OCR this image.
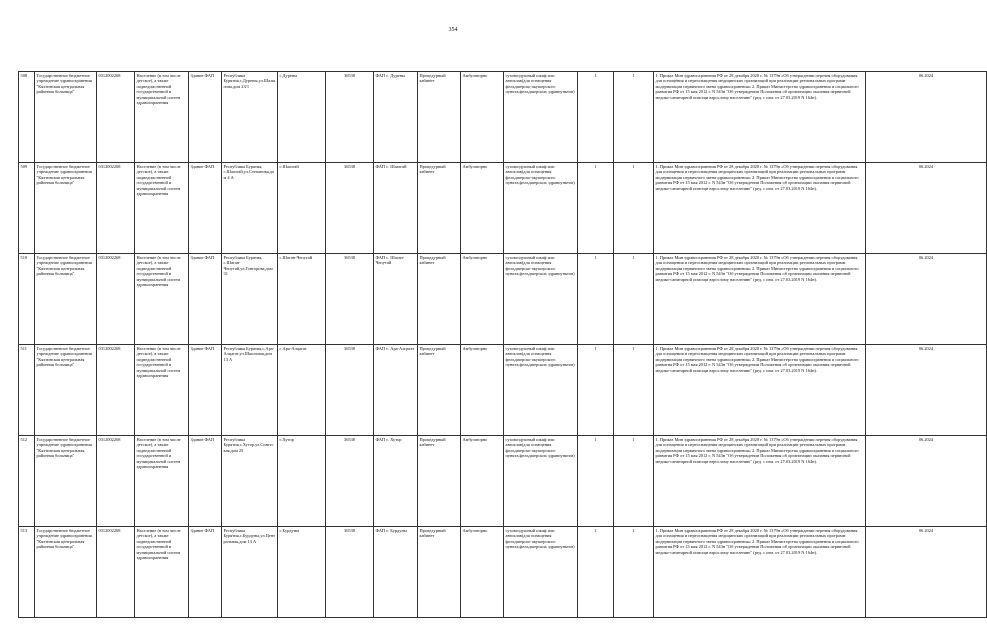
354
508	Государственное бюджетное учреждение здравоохранения "Кяхтинская центральная районная больница"	0312002268	Население (в том числе детское), а также подведомственной государственной и муниципальной систем здравоохранения	Здание ФАП	Республика Бурятия,с.Дурены,ул.Шалыгина,дом 23/1	с.Дурены	36538	ФАП с. Дурены	Процедурный кабинет	Амбулаторно	суховоздушный шкаф или автоклав(для оснащения фельдшерско-акушерского пункта,фельдшерских здравпунктов)	1	1	1. Приказ Мин здравоохранения РФ от 28 декабря 2020 г. № 1379н «Об утверждении перечня оборудования для оснащения и переоснащения медицинских организаций при реализации региональных программ модернизации первичного звена здравоохранения» 2. Приказ Министерства здравоохранения и социального развития РФ от 15 мая 2012 г. N 543н "Об утверждении Положения об организации оказания первичной медико-санитарной помощи взрослому населению" (ред. с изм. от 27.03.2019 N 164н).	06.2024
509	Государственное бюджетное учреждение здравоохранения "Кяхтинская центральная районная больница"	0312002268	Население (в том числе детское), а также подведомственной государственной и муниципальной систем здравоохранения	Здание ФАП	Республика Бурятия, с.Шаазгай,ул.Степанова,дом 4 А	с.Шаазгай	36538	ФАП с. Шаазгай	Процедурный кабинет	Амбулаторно	суховоздушный шкаф или автоклав(для оснащения фельдшерско-акушерского пункта,фельдшерских здравпунктов)	1	1	1. Приказ Мин здравоохранения РФ от 28 декабря 2020 г. № 1379н «Об утверждении перечня оборудования для оснащения и переоснащения медицинских организаций при реализации региональных программ модернизации первичного звена здравоохранения» 2. Приказ Министерства здравоохранения и социального развития РФ от 15 мая 2012 г. N 543н "Об утверждении Положения об организации оказания первичной медико-санитарной помощи взрослому населению" (ред. с изм. от 27.03.2019 N 164н).	06.2024
510	Государственное бюджетное учреждение здравоохранения "Кяхтинская центральная районная больница"	0312002268	Население (в том числе детское), а также подведомственной государственной и муниципальной систем здравоохранения	Здание ФАП	Республика Бурятия, с.Шаган-Чепутай,ул.Гонгорова,дом 31	с.Шаган-Чепутай	36538	ФАП с. Шаган-Чепутай	Процедурный кабинет	Амбулаторно	суховоздушный шкаф или автоклав(для оснащения фельдшерско-акушерского пункта,фельдшерских здравпунктов)	1	1	1. Приказ Мин здравоохранения РФ от 28 декабря 2020 г. № 1379н «Об утверждении перечня оборудования для оснащения и переоснащения медицинских организаций при реализации региональных программ модернизации первичного звена здравоохранения» 2. Приказ Министерства здравоохранения и социального развития РФ от 15 мая 2012 г. N 543н "Об утверждении Положения об организации оказания первичной медико-санитарной помощи взрослому населению" (ред. с изм. от 27.03.2019 N 164н).	06.2024
511	Государственное бюджетное учреждение здравоохранения "Кяхтинская центральная районная больница"	0312002268	Население (в том числе детское), а также подведомственной государственной и муниципальной систем здравоохранения	Здание ФАП	Республика Бурятия,с.Ара-Алцагат,ул.Школьная,дом 13 А	с.Ара-Алцагат	36538	ФАП с. Ара-Алцагат	Процедурный кабинет	Амбулаторно	суховоздушный шкаф или автоклав(для оснащения фельдшерско-акушерского пункта,фельдшерских здравпунктов)	1	1	1. Приказ Мин здравоохранения РФ от 28 декабря 2020 г. № 1379н «Об утверждении перечня оборудования для оснащения и переоснащения медицинских организаций при реализации региональных программ модернизации первичного звена здравоохранения» 2. Приказ Министерства здравоохранения и социального развития РФ от 15 мая 2012 г. N 543н "Об утверждении Положения об организации оказания первичной медико-санитарной помощи взрослому населению" (ред. с изм. от 27.03.2019 N 164н).	06.2024
512	Государственное бюджетное учреждение здравоохранения "Кяхтинская центральная районная больница"	0312002268	Население (в том числе детское), а также подведомственной государственной и муниципальной систем здравоохранения	Здание ФАП	Республика Бурятия,с.Хутор,ул.Советская,дом 25	с.Хутор	36538	ФАП с. Хутор	Процедурный кабинет	Амбулаторно	суховоздушный шкаф или автоклав(для оснащения фельдшерско-акушерского пункта,фельдшерских здравпунктов)	1	1	1. Приказ Мин здравоохранения РФ от 28 декабря 2020 г. № 1379н «Об утверждении перечня оборудования для оснащения и переоснащения медицинских организаций при реализации региональных программ модернизации первичного звена здравоохранения» 2. Приказ Министерства здравоохранения и социального развития РФ от 15 мая 2012 г. N 543н "Об утверждении Положения об организации оказания первичной медико-санитарной помощи взрослому населению" (ред. с изм. от 27.03.2019 N 164н).	06.2024
513	Государственное бюджетное учреждение здравоохранения "Кяхтинская центральная районная больница"	0312002268	Население (в том числе детское), а также подведомственной государственной и муниципальной систем здравоохранения	Здание ФАП	Республика Бурятия,с.Бурдуны,ул.Центральная,дом 13 А	с.Бурдуны	36538	ФАП с. Бурдуны	Процедурный кабинет	Амбулаторно	суховоздушный шкаф или автоклав(для оснащения фельдшерско-акушерского пункта,фельдшерских здравпунктов)	1	1	1. Приказ Мин здравоохранения РФ от 28 декабря 2020 г. № 1379н «Об утверждении перечня оборудования для оснащения и переоснащения медицинских организаций при реализации региональных программ модернизации первичного звена здравоохранения» 2. Приказ Министерства здравоохранения и социального развития РФ от 15 мая 2012 г. N 543н "Об утверждении Положения об организации оказания первичной медико-санитарной помощи взрослому населению" (ред. с изм. от 27.03.2019 N 164н).	06.2024
